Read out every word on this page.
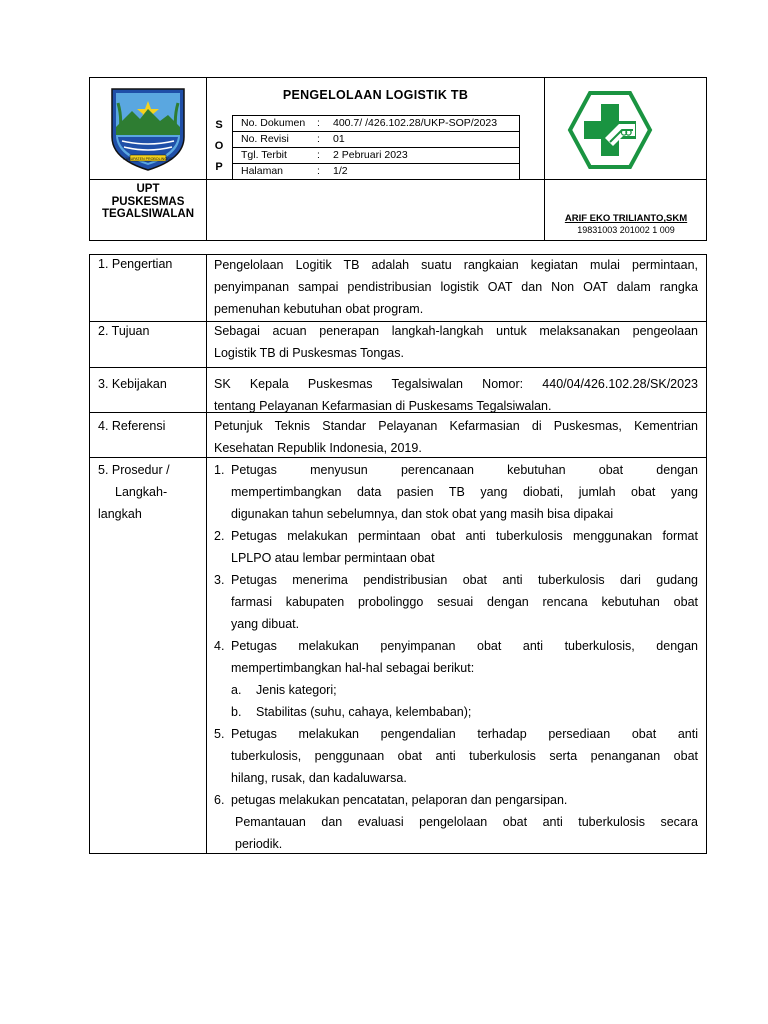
KABUPATEN PROBOLINGGO
UPT
PUSKESMAS
TEGALSIWALAN
PENGELOLAAN LOGISTIK TB
S
O
P
No. Dokumen : 400.7/ /426.102.28/UKP-SOP/2023
No. Revisi	: 01
Tgl. Terbit	: 2 Pebruari 2023
Halaman	: 1/2
ARIF EKO TRILIANTO,SKM
19831003 201002 1 009
1. Pengertian	Pengelolaan Logitik TB adalah suatu rangkaian kegiatan mulai permintaan,

penyimpanan sampai pendistribusian logistik OAT dan Non OAT dalam rangka

pemenuhan kebutuhan obat program.

2. Tujuan	Sebagai acuan penerapan langkah-langkah untuk melaksanakan pengeolaan

Logistik TB di Puskesmas Tongas.

3. Kebijakan	SK Kepala Puskesmas Tegalsiwalan Nomor: 440/04/426.102.28/SK/2023

tentang Pelayanan Kefarmasian di Puskesams Tegalsiwalan.

4. Referensi	Petunjuk Teknis Standar Pelayanan Kefarmasian di Puskesmas, Kementrian

Kesehatan Republik Indonesia, 2019.

5. Prosedur /
Langkah-
langkah
1. Petugas menyusun perencanaan kebutuhan obat dengan

mempertimbangkan data pasien TB yang diobati, jumlah obat yang

digunakan tahun sebelumnya, dan stok obat yang masih bisa dipakai

2. Petugas melakukan permintaan obat anti tuberkulosis menggunakan format

LPLPO atau lembar permintaan obat

3. Petugas menerima pendistribusian obat anti tuberkulosis dari gudang

farmasi kabupaten probolinggo sesuai dengan rencana kebutuhan obat

yang dibuat.

4. Petugas melakukan penyimpanan obat anti tuberkulosis, dengan

mempertimbangkan hal-hal sebagai berikut:

a. Jenis kategori;
b. Stabilitas (suhu, cahaya, kelembaban);
5. Petugas melakukan pengendalian terhadap persediaan obat anti

tuberkulosis, penggunaan obat anti tuberkulosis serta penanganan obat

hilang, rusak, dan kadaluwarsa.

6. petugas melakukan pencatatan, pelaporan dan pengarsipan.

Pemantauan dan evaluasi pengelolaan obat anti tuberkulosis secara

periodik.
